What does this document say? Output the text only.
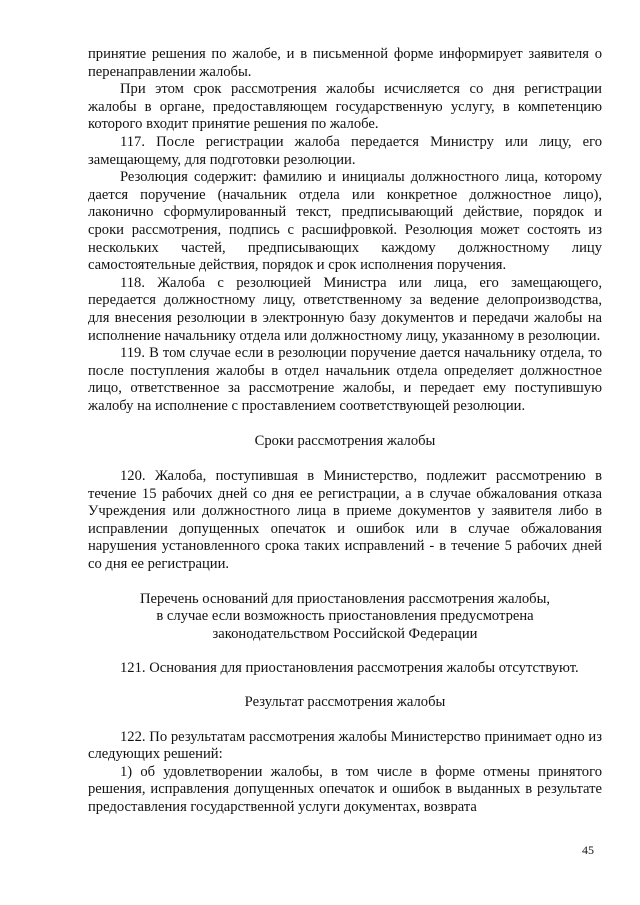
принятие решения по жалобе, и в письменной форме информирует заявителя о перенаправлении жалобы.

При этом срок рассмотрения жалобы исчисляется со дня регистрации жалобы в органе, предоставляющем государственную услугу, в компетенцию которого входит принятие решения по жалобе.

117. После регистрации жалоба передается Министру или лицу, его замещающему, для подготовки резолюции.

Резолюция содержит: фамилию и инициалы должностного лица, которому дается поручение (начальник отдела или конкретное должностное лицо), лаконично сформулированный текст, предписывающий действие, порядок и сроки рассмотрения, подпись с расшифровкой. Резолюция может состоять из нескольких частей, предписывающих каждому должностному лицу самостоятельные действия, порядок и срок исполнения поручения.

118. Жалоба с резолюцией Министра или лица, его замещающего, передается должностному лицу, ответственному за ведение делопроизводства, для внесения резолюции в электронную базу документов и передачи жалобы на исполнение начальнику отдела или должностному лицу, указанному в резолюции.

119. В том случае если в резолюции поручение дается начальнику отдела, то после поступления жалобы в отдел начальник отдела определяет должностное лицо, ответственное за рассмотрение жалобы, и передает ему поступившую жалобу на исполнение с проставлением соответствующей резолюции.

Сроки рассмотрения жалобы

120. Жалоба, поступившая в Министерство, подлежит рассмотрению в течение 15 рабочих дней со дня ее регистрации, а в случае обжалования отказа Учреждения или должностного лица в приеме документов у заявителя либо в исправлении допущенных опечаток и ошибок или в случае обжалования нарушения установленного срока таких исправлений - в течение 5 рабочих дней со дня ее регистрации.

Перечень оснований для приостановления рассмотрения жалобы,
в случае если возможность приостановления предусмотрена
законодательством Российской Федерации

121. Основания для приостановления рассмотрения жалобы отсутствуют.

Результат рассмотрения жалобы

122. По результатам рассмотрения жалобы Министерство принимает одно из следующих решений:

1) об удовлетворении жалобы, в том числе в форме отмены принятого решения, исправления допущенных опечаток и ошибок в выданных в результате предоставления государственной услуги документах, возврата

45
